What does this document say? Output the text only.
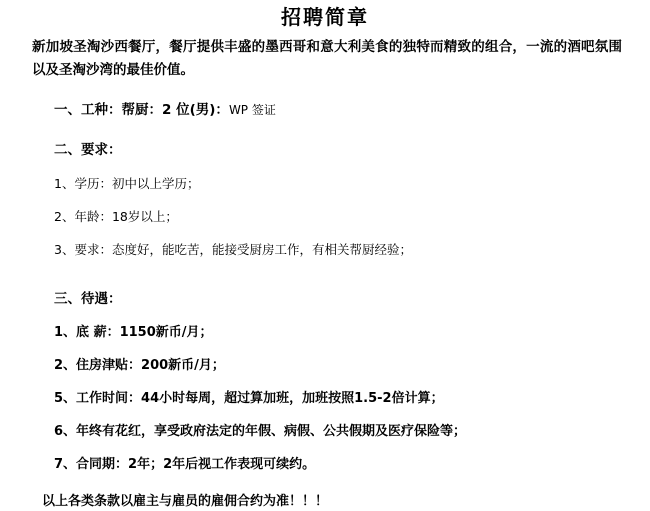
招聘简章

新加坡圣淘沙西餐厅，餐厅提供丰盛的墨西哥和意大利美食的独特而精致的组合，一流的酒吧氛围以及圣淘沙湾的最佳价值。

一、工种：帮厨：2 位(男)：WP 签证
二、要求：
1、学历：初中以上学历；
2、年龄：18岁以上；
3、要求：态度好，能吃苦，能接受厨房工作，有相关帮厨经验；
三、待遇：
1、底 薪：1150新币/月；
2、住房津贴：200新币/月；
5、工作时间：44小时每周，超过算加班，加班按照1.5-2倍计算；
6、年终有花红，享受政府法定的年假、病假、公共假期及医疗保险等；
7、合同期：2年；2年后视工作表现可续约。
以上各类条款以雇主与雇员的雇佣合约为准！！！
